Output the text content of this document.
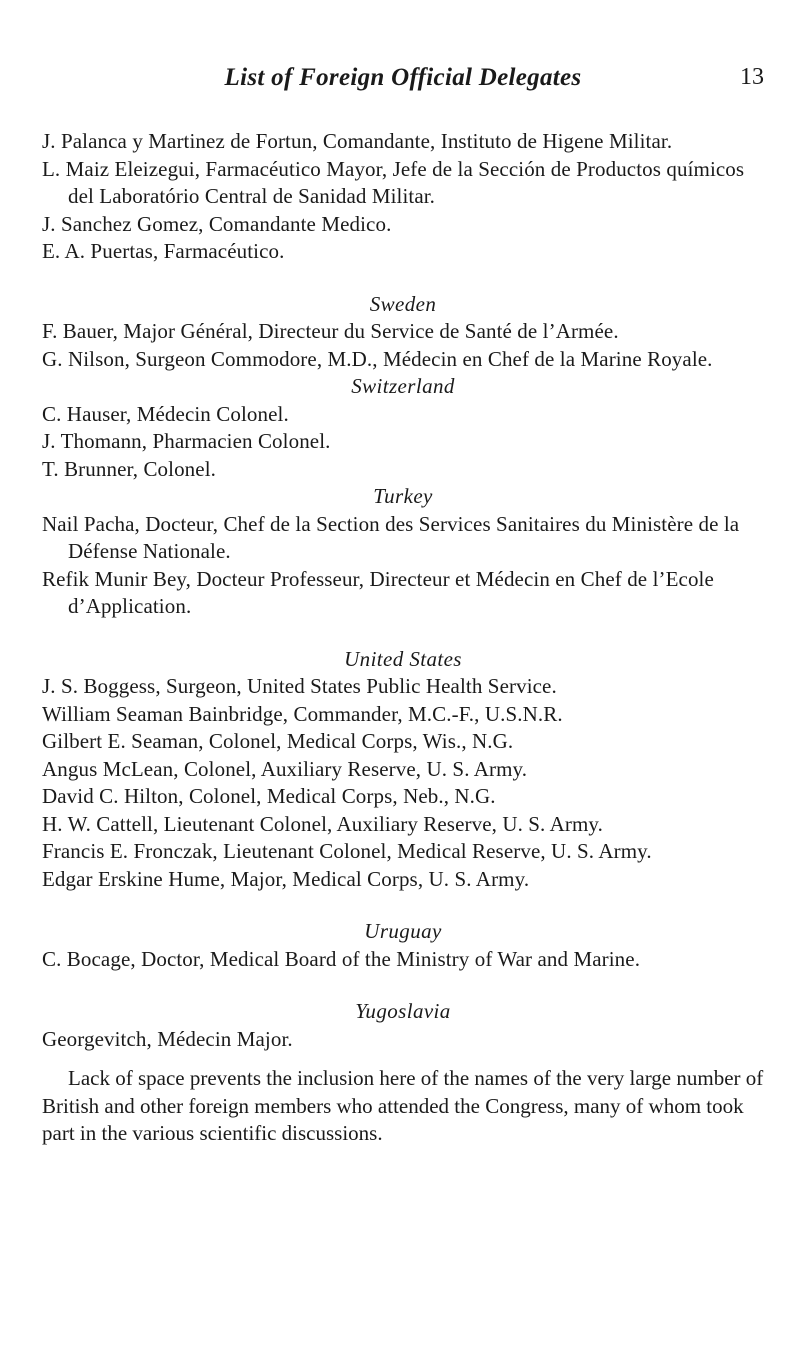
List of Foreign Official Delegates	13
J. Palanca y Martinez de Fortun, Comandante, Instituto de Higene Militar.
L. Maiz Eleizegui, Farmacéutico Mayor, Jefe de la Sección de Productos químicos del Laboratório Central de Sanidad Militar.
J. Sanchez Gomez, Comandante Medico.
E. A. Puertas, Farmacéutico.
Sweden
F. Bauer, Major Général, Directeur du Service de Santé de l’Armée.
G. Nilson, Surgeon Commodore, M.D., Médecin en Chef de la Marine Royale.
Switzerland
C. Hauser, Médecin Colonel.
J. Thomann, Pharmacien Colonel.
T. Brunner, Colonel.
Turkey
Nail Pacha, Docteur, Chef de la Section des Services Sanitaires du Ministère de la Défense Nationale.
Refik Munir Bey, Docteur Professeur, Directeur et Médecin en Chef de l’Ecole d’Application.
United States
J. S. Boggess, Surgeon, United States Public Health Service.
William Seaman Bainbridge, Commander, M.C.-F., U.S.N.R.
Gilbert E. Seaman, Colonel, Medical Corps, Wis., N.G.
Angus McLean, Colonel, Auxiliary Reserve, U. S. Army.
David C. Hilton, Colonel, Medical Corps, Neb., N.G.
H. W. Cattell, Lieutenant Colonel, Auxiliary Reserve, U. S. Army.
Francis E. Fronczak, Lieutenant Colonel, Medical Reserve, U. S. Army.
Edgar Erskine Hume, Major, Medical Corps, U. S. Army.
Uruguay
C. Bocage, Doctor, Medical Board of the Ministry of War and Marine.
Yugoslavia
Georgevitch, Médecin Major.
Lack of space prevents the inclusion here of the names of the very large number of British and other foreign members who attended the Congress, many of whom took part in the various scientific discussions.
